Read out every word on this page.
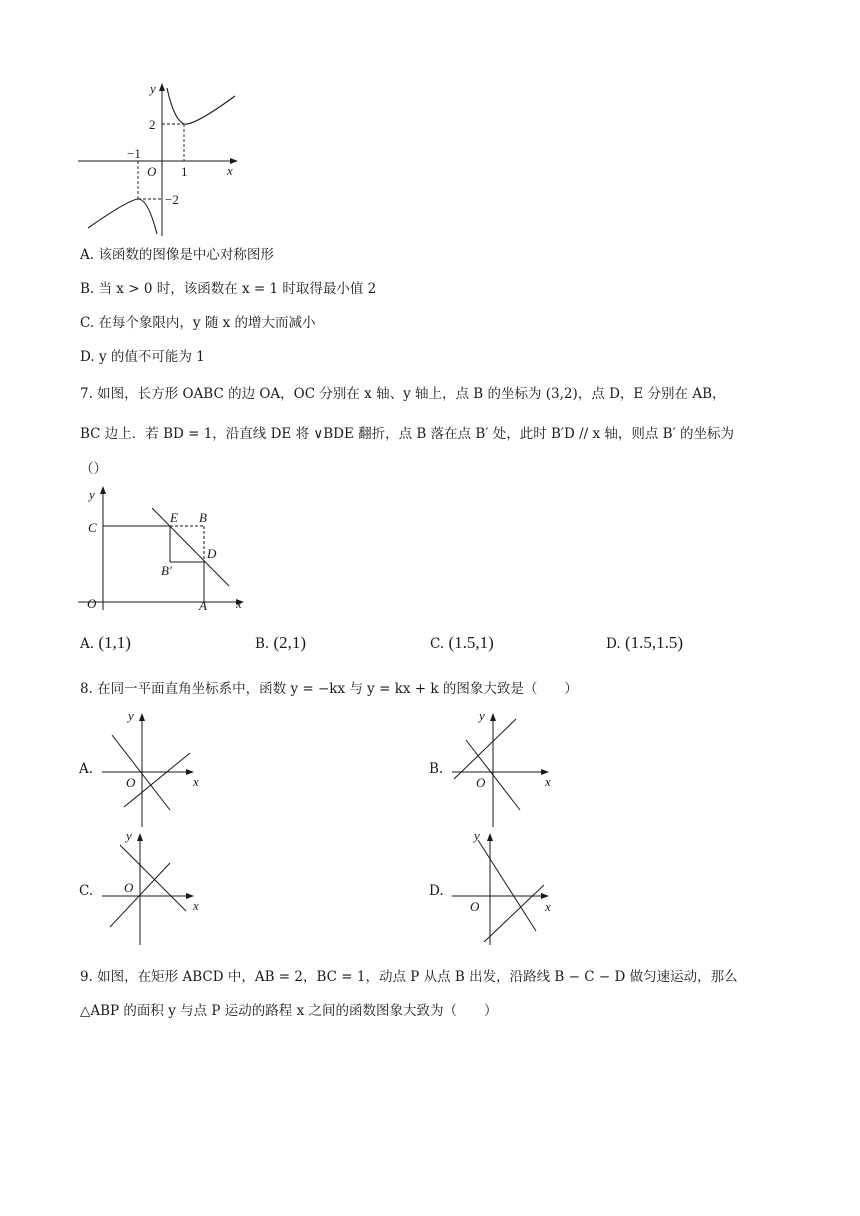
y
x
O
−1
1
2
−2
A. 该函数的图像是中心对称图形
B. 当 x > 0 时，该函数在 x = 1 时取得最小值 2
C. 在每个象限内，y 随 x 的增大而减小
D. y 的值不可能为 1
7. 如图，长方形 OABC 的边 OA，OC 分别在 x 轴、y 轴上，点 B 的坐标为 (3,2)，点 D，E 分别在 AB，
BC 边上．若 BD = 1，沿直线 DE 将 ∨BDE 翻折，点 B 落在点 B′ 处，此时 B′D // x 轴，则点 B′ 的坐标为
（）
y
x
O
C
E B
D
B′
A
A. (1,1)	B. (2,1)	C. (1.5,1)	D. (1.5,1.5)
8. 在同一平面直角坐标系中，函数 y = −kx 与 y = kx + k 的图象大致是（　　）
A.
y
x
O
B.
y
x
O
C.
y
x
O	D.
y
x
O
9. 如图，在矩形 ABCD 中，AB = 2，BC = 1，动点 P 从点 B 出发，沿路线 B − C − D 做匀速运动，那么
△ABP 的面积 y 与点 P 运动的路程 x 之间的函数图象大致为（　　）
